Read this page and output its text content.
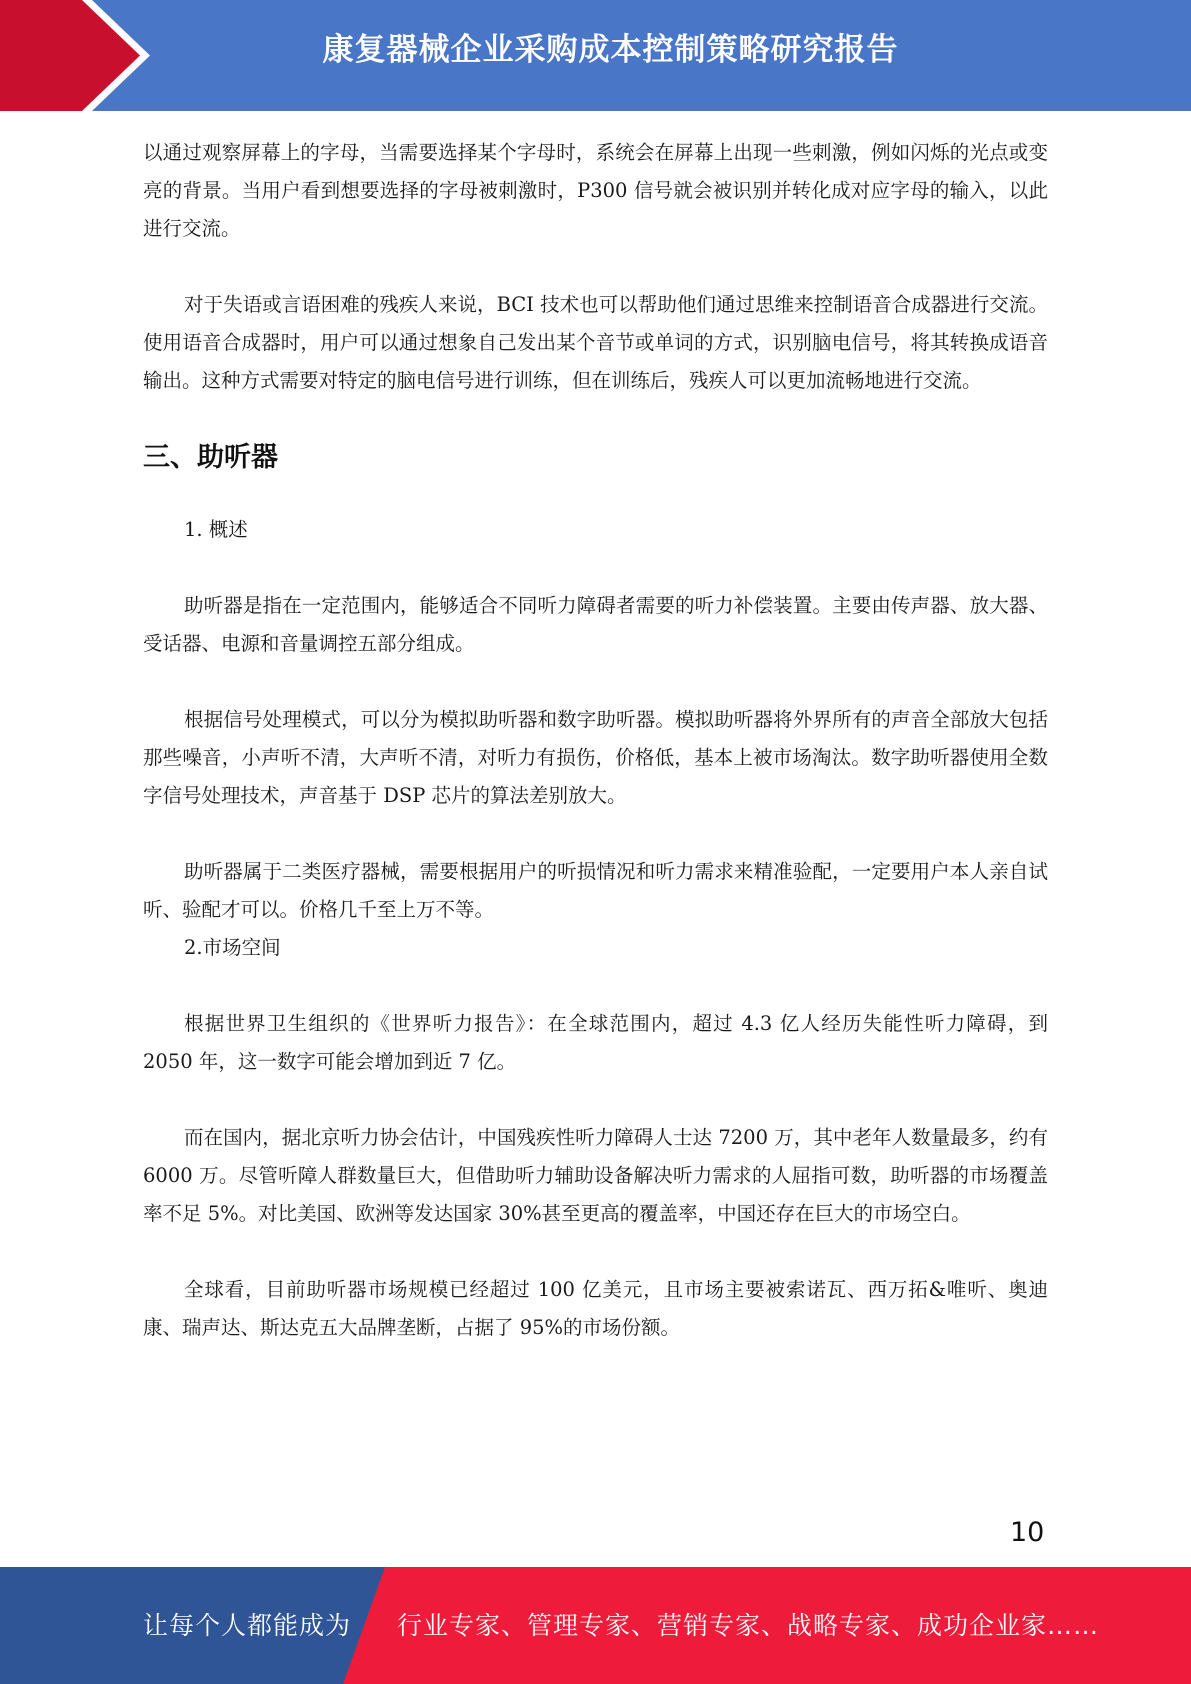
康复器械企业采购成本控制策略研究报告

以通过观察屏幕上的字母，当需要选择某个字母时，系统会在屏幕上出现一些刺激，例如闪烁的光点或变亮的背景。当用户看到想要选择的字母被刺激时，P300 信号就会被识别并转化成对应字母的输入，以此进行交流。

对于失语或言语困难的残疾人来说，BCI 技术也可以帮助他们通过思维来控制语音合成器进行交流。使用语音合成器时，用户可以通过想象自己发出某个音节或单词的方式，识别脑电信号，将其转换成语音输出。这种方式需要对特定的脑电信号进行训练，但在训练后，残疾人可以更加流畅地进行交流。

三、助听器

1. 概述

助听器是指在一定范围内，能够适合不同听力障碍者需要的听力补偿装置。主要由传声器、放大器、受话器、电源和音量调控五部分组成。

根据信号处理模式，可以分为模拟助听器和数字助听器。模拟助听器将外界所有的声音全部放大包括那些噪音，小声听不清，大声听不清，对听力有损伤，价格低，基本上被市场淘汰。数字助听器使用全数字信号处理技术，声音基于 DSP 芯片的算法差别放大。

助听器属于二类医疗器械，需要根据用户的听损情况和听力需求来精准验配，一定要用户本人亲自试听、验配才可以。价格几千至上万不等。

2.市场空间

根据世界卫生组织的《世界听力报告》：在全球范围内，超过 4.3 亿人经历失能性听力障碍，到 2050 年，这一数字可能会增加到近 7 亿。

而在国内，据北京听力协会估计，中国残疾性听力障碍人士达 7200 万，其中老年人数量最多，约有 6000 万。尽管听障人群数量巨大，但借助听力辅助设备解决听力需求的人屈指可数，助听器的市场覆盖率不足 5%。对比美国、欧洲等发达国家 30%甚至更高的覆盖率，中国还存在巨大的市场空白。

全球看，目前助听器市场规模已经超过 100 亿美元，且市场主要被索诺瓦、西万拓&唯听、奥迪康、瑞声达、斯达克五大品牌垄断，占据了 95%的市场份额。

10
让每个人都能成为 行业专家、管理专家、营销专家、战略专家、成功企业家……
